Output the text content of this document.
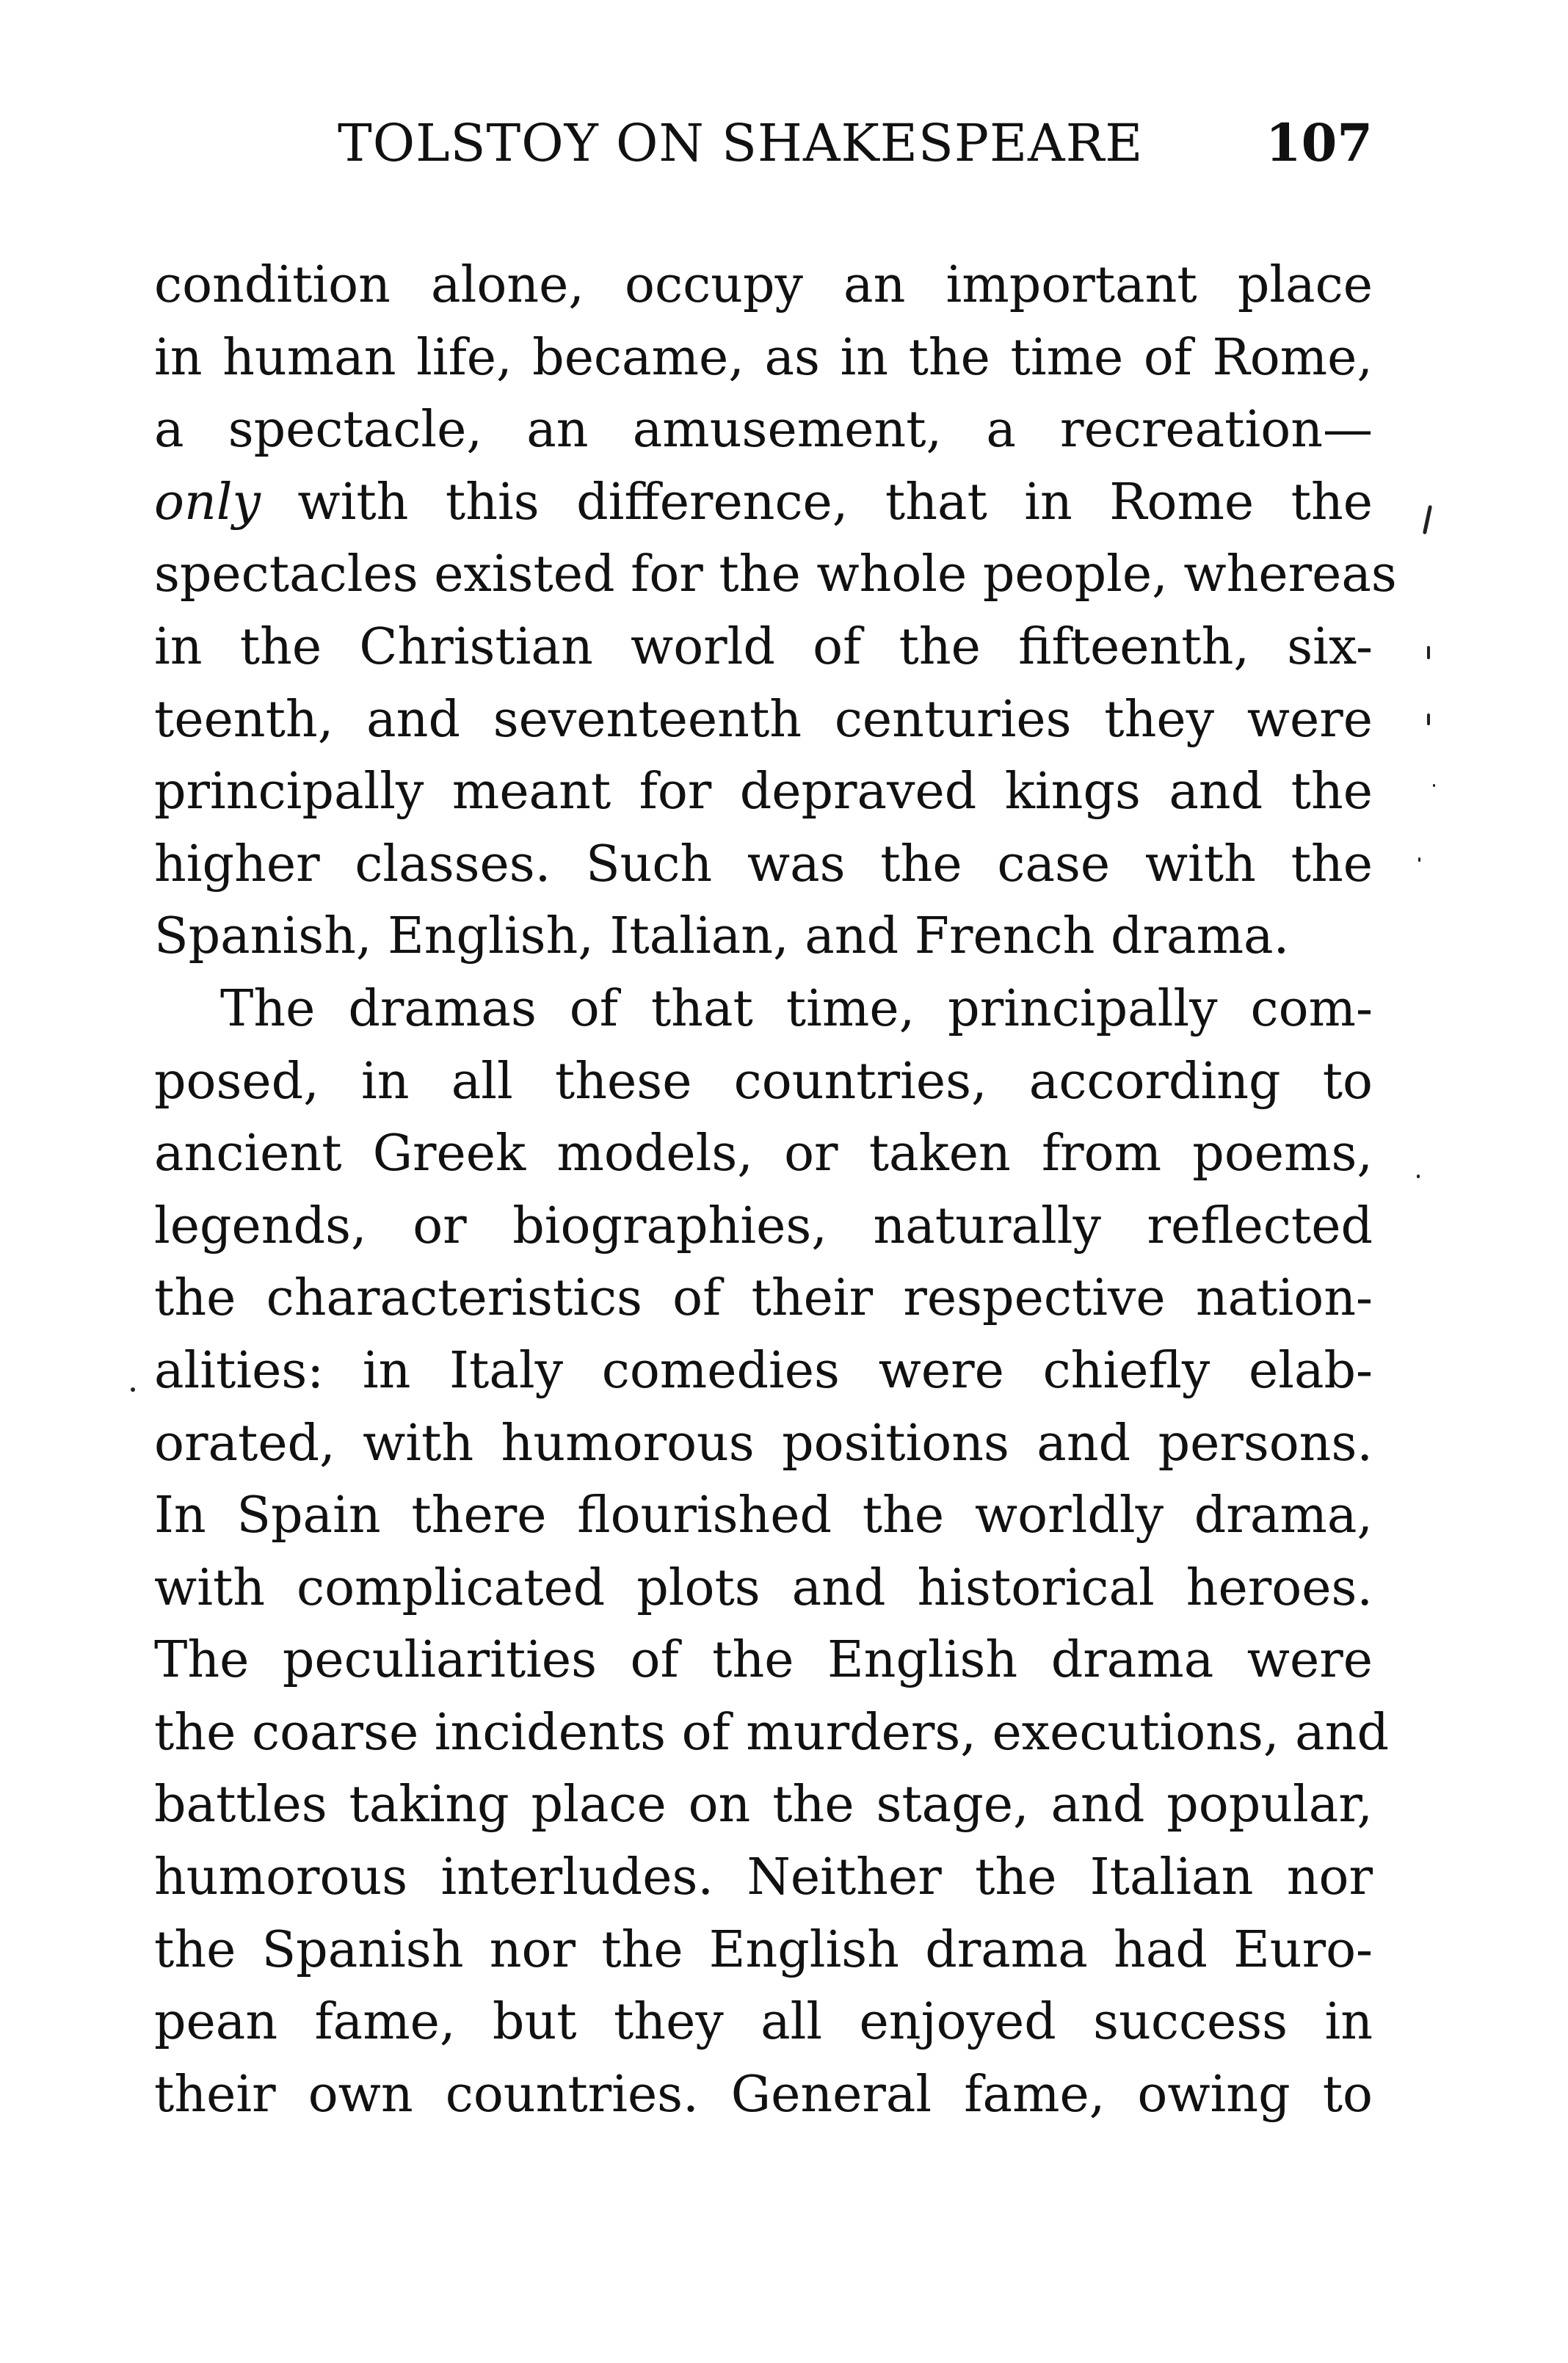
TOLSTOY ON SHAKESPEARE 107
condition alone, occupy an important place
in human life, became, as in the time of Rome,
a spectacle, an amusement, a recreation—
only with this difference, that in Rome the
spectacles existed for the whole people, whereas
in the Christian world of the fifteenth, six-
teenth, and seventeenth centuries they were
principally meant for depraved kings and the
higher classes. Such was the case with the
Spanish, English, Italian, and French drama.
The dramas of that time, principally com-
posed, in all these countries, according to
ancient Greek models, or taken from poems,
legends, or biographies, naturally reflected
the characteristics of their respective nation-
alities: in Italy comedies were chiefly elab-
orated, with humorous positions and persons.
In Spain there flourished the worldly drama,
with complicated plots and historical heroes.
The peculiarities of the English drama were
the coarse incidents of murders, executions, and
battles taking place on the stage, and popular,
humorous interludes. Neither the Italian nor
the Spanish nor the English drama had Euro-
pean fame, but they all enjoyed success in
their own countries. General fame, owing to
